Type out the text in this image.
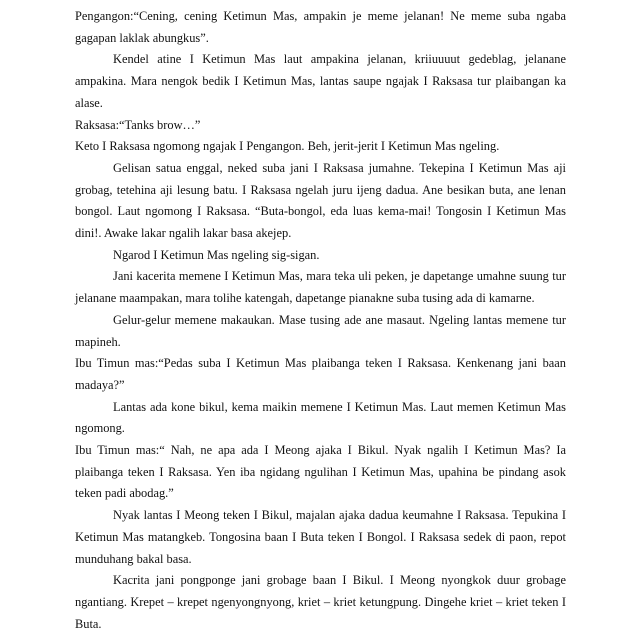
Pengangon:“Cening, cening Ketimun Mas, ampakin je meme jelanan! Ne meme suba ngaba gagapan laklak abungkus”.

Kendel atine I Ketimun Mas laut ampakina jelanan, kriiuuuut gedeblag, jelanane ampakina. Mara nengok bedik I Ketimun Mas, lantas saupe ngajak I Raksasa tur plaibangan ka alase.

Raksasa:“Tanks brow…”

Keto I Raksasa ngomong ngajak I Pengangon. Beh, jerit-jerit I Ketimun Mas ngeling.

Gelisan satua enggal, neked suba jani I Raksasa jumahne. Tekepina I Ketimun Mas aji grobag, tetehina aji lesung batu. I Raksasa ngelah juru ijeng dadua. Ane besikan buta, ane lenan bongol. Laut ngomong I Raksasa. “Buta-bongol, eda luas kema-mai! Tongosin I Ketimun Mas dini!. Awake lakar ngalih lakar basa akejep.

Ngarod I Ketimun Mas ngeling sig-sigan.

Jani kacerita memene I Ketimun Mas, mara teka uli peken, je dapetange umahne suung tur jelanane maampakan, mara tolihe katengah, dapetange pianakne suba tusing ada di kamarne.

Gelur-gelur memene makaukan. Mase tusing ade ane masaut. Ngeling lantas memene tur mapineh.

Ibu Timun mas:“Pedas suba I Ketimun Mas plaibanga teken I Raksasa. Kenkenang jani baan madaya?”

Lantas ada kone bikul, kema maikin memene I Ketimun Mas. Laut memen Ketimun Mas ngomong.

Ibu Timun mas:“ Nah, ne apa ada I Meong ajaka I Bikul. Nyak ngalih I Ketimun Mas? Ia plaibanga teken I Raksasa. Yen iba ngidang ngulihan I Ketimun Mas, upahina be pindang asok teken padi abodag.”

Nyak lantas I Meong teken I Bikul, majalan ajaka dadua keumahne I Raksasa. Tepukina I Ketimun Mas matangkeb. Tongosina baan I Buta teken I Bongol. I Raksasa sedek di paon, repot munduhang bakal basa.

Kacrita jani pongponge jani grobage baan I Bikul. I Meong nyongkok duur grobage ngantiang. Krepet – krepet ngenyongnyong, kriet – kriet ketungpung. Dingehe kriet – kriet teken I Buta.
